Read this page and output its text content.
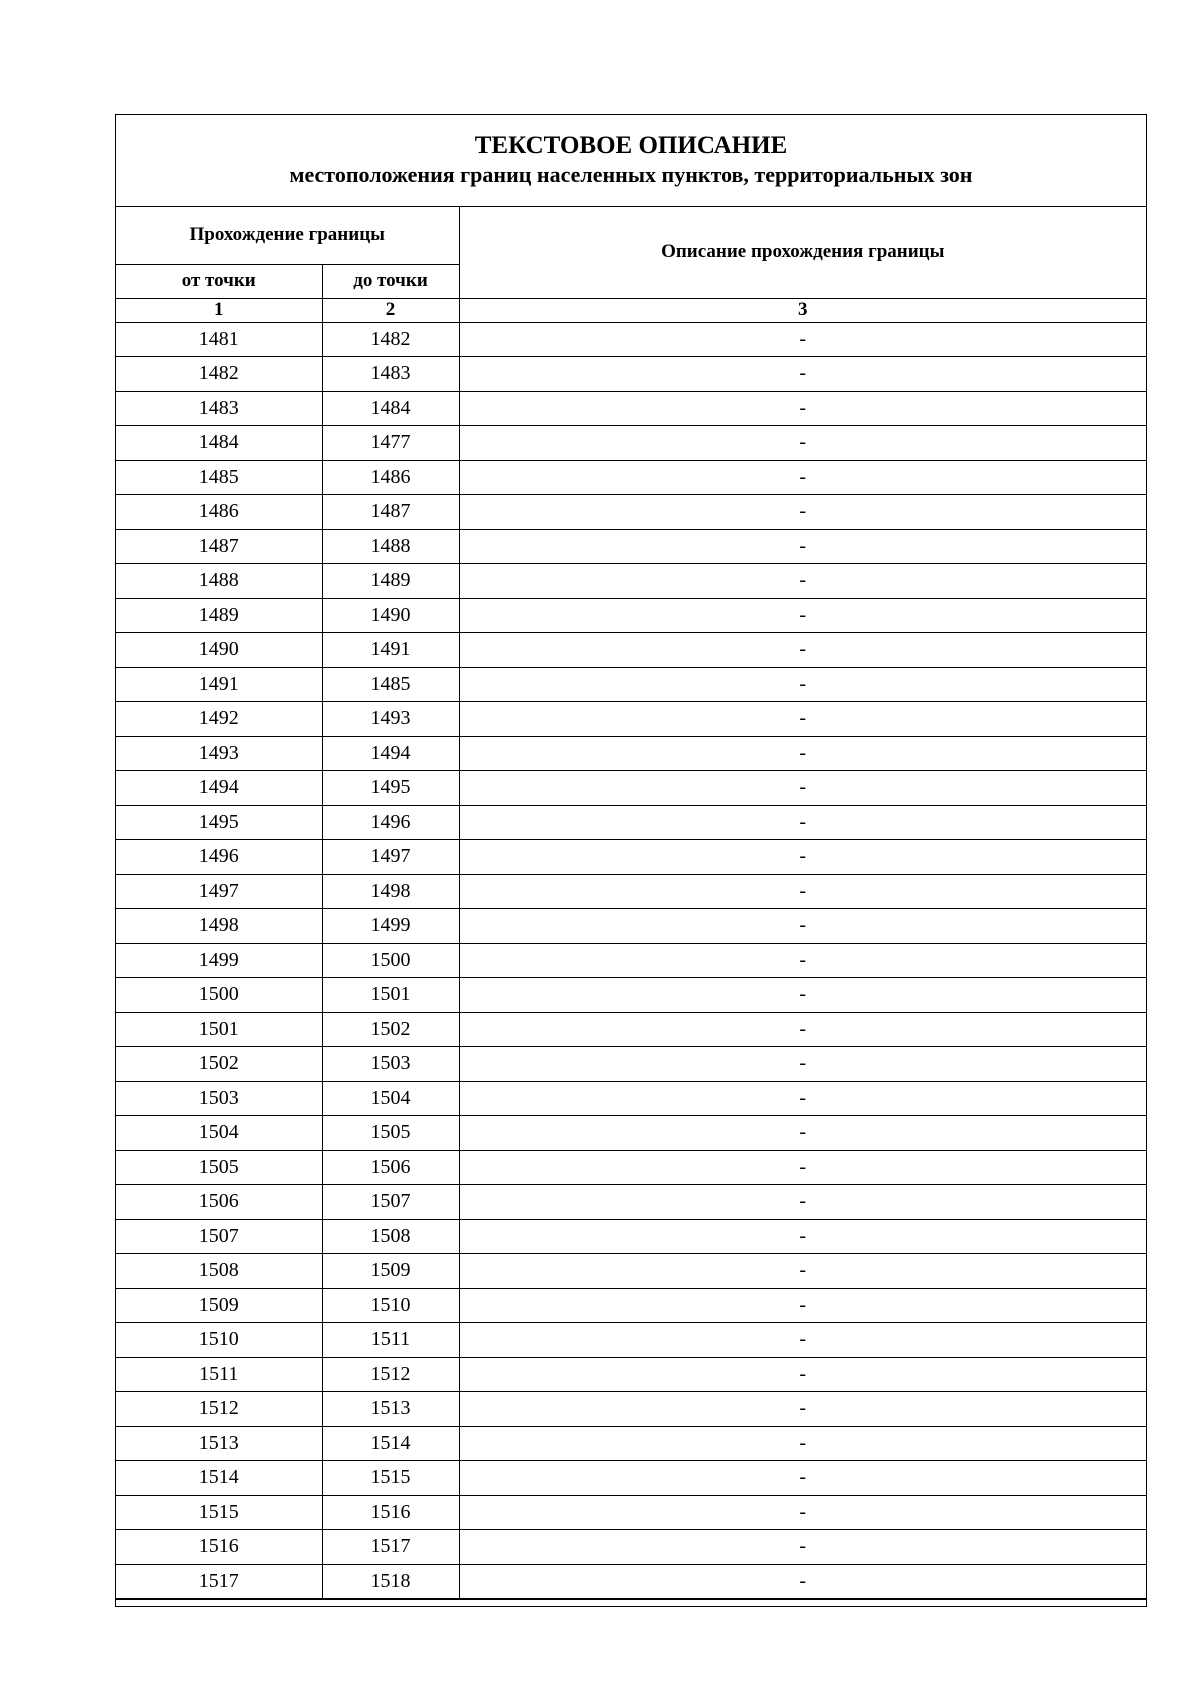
ТЕКСТОВОЕ ОПИСАНИЕ
местоположения границ населенных пунктов, территориальных зон
Прохождение границы		Описание прохождения границы
от точки	до точки	
1	2	3
1481	1482	-
1482	1483	-
1483	1484	-
1484	1477	-
1485	1486	-
1486	1487	-
1487	1488	-
1488	1489	-
1489	1490	-
1490	1491	-
1491	1485	-
1492	1493	-
1493	1494	-
1494	1495	-
1495	1496	-
1496	1497	-
1497	1498	-
1498	1499	-
1499	1500	-
1500	1501	-
1501	1502	-
1502	1503	-
1503	1504	-
1504	1505	-
1505	1506	-
1506	1507	-
1507	1508	-
1508	1509	-
1509	1510	-
1510	1511	-
1511	1512	-
1512	1513	-
1513	1514	-
1514	1515	-
1515	1516	-
1516	1517	-
1517	1518	-
